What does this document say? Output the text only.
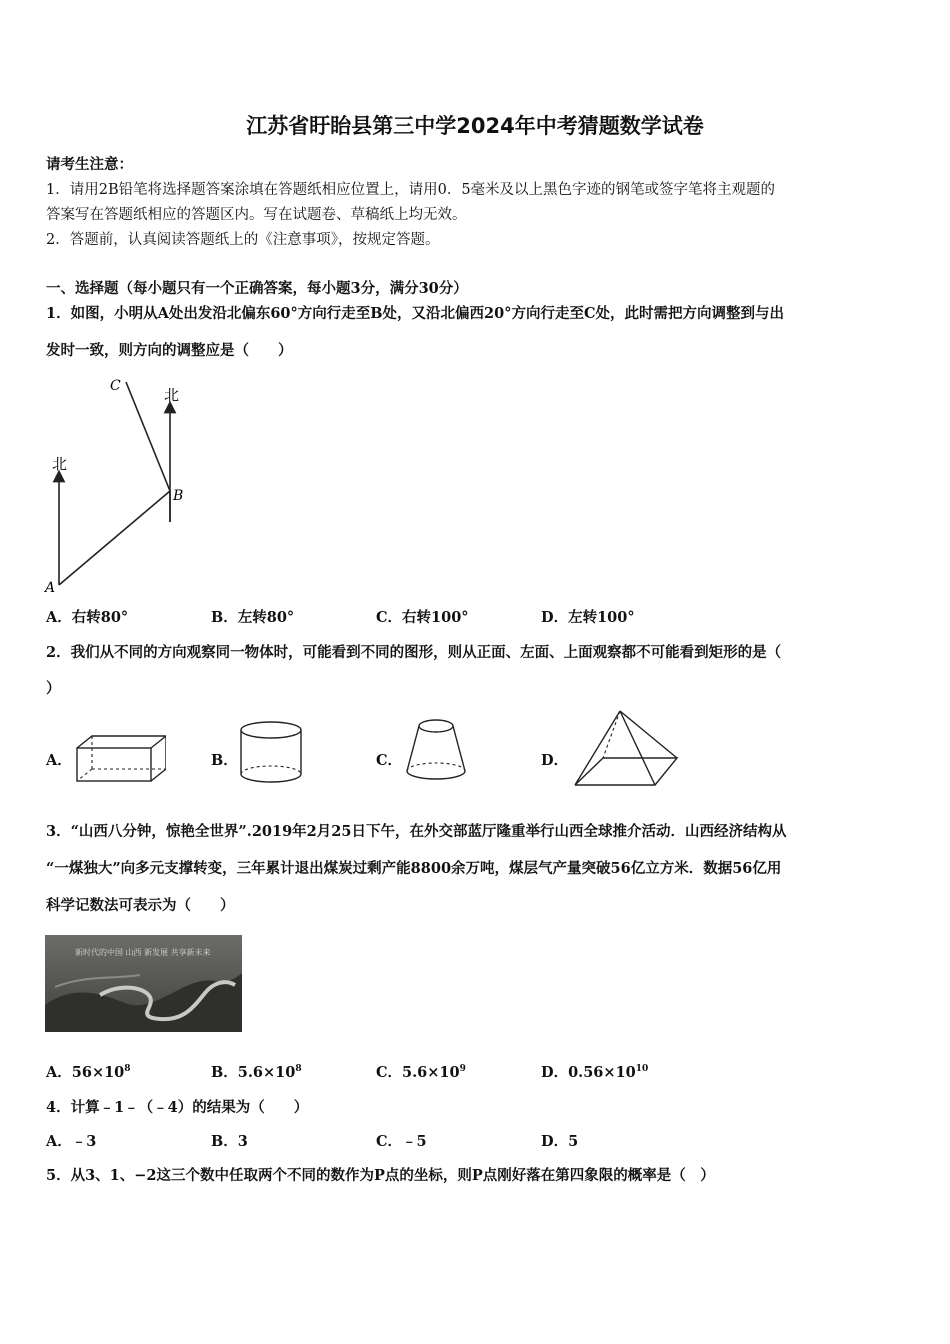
江苏省盱眙县第三中学2024年中考猜题数学试卷
请考生注意：
1．请用2B铅笔将选择题答案涂填在答题纸相应位置上，请用0．5毫米及以上黑色字迹的钢笔或签字笔将主观题的
答案写在答题纸相应的答题区内。写在试题卷、草稿纸上均无效。
2．答题前，认真阅读答题纸上的《注意事项》，按规定答题。
一、选择题（每小题只有一个正确答案，每小题3分，满分30分）
1．如图，小明从A处出发沿北偏东60°方向行走至B处，又沿北偏西20°方向行走至C处，此时需把方向调整到与出
发时一致，则方向的调整应是（　　）
北
北
A
B
C
A．右转80°	B．左转80°	C．右转100°	D．左转100°
2．我们从不同的方向观察同一物体时，可能看到不同的图形，则从正面、左面、上面观察都不可能看到矩形的是（
）
A．	B．	C．	D．
3．“山西八分钟，惊艳全世界”.2019年2月25日下午，在外交部蓝厅隆重举行山西全球推介活动．山西经济结构从
“一煤独大”向多元支撑转变，三年累计退出煤炭过剩产能8800余万吨，煤层气产量突破56亿立方米．数据56亿用
科学记数法可表示为（　　）
新时代的中国 山西 新发展 共享新未来
A．$56\times 10^8$	B．$5.6\times 10^8$	C．$5.6\times 10^9$	D．$0.56\times 10^{10}$
4．计算﹣1﹣（﹣4）的结果为（　　）
A．﹣3	B．3	C．﹣5	D．5
5．从3、1、−2这三个数中任取两个不同的数作为P点的坐标，则P点刚好落在第四象限的概率是（　）
